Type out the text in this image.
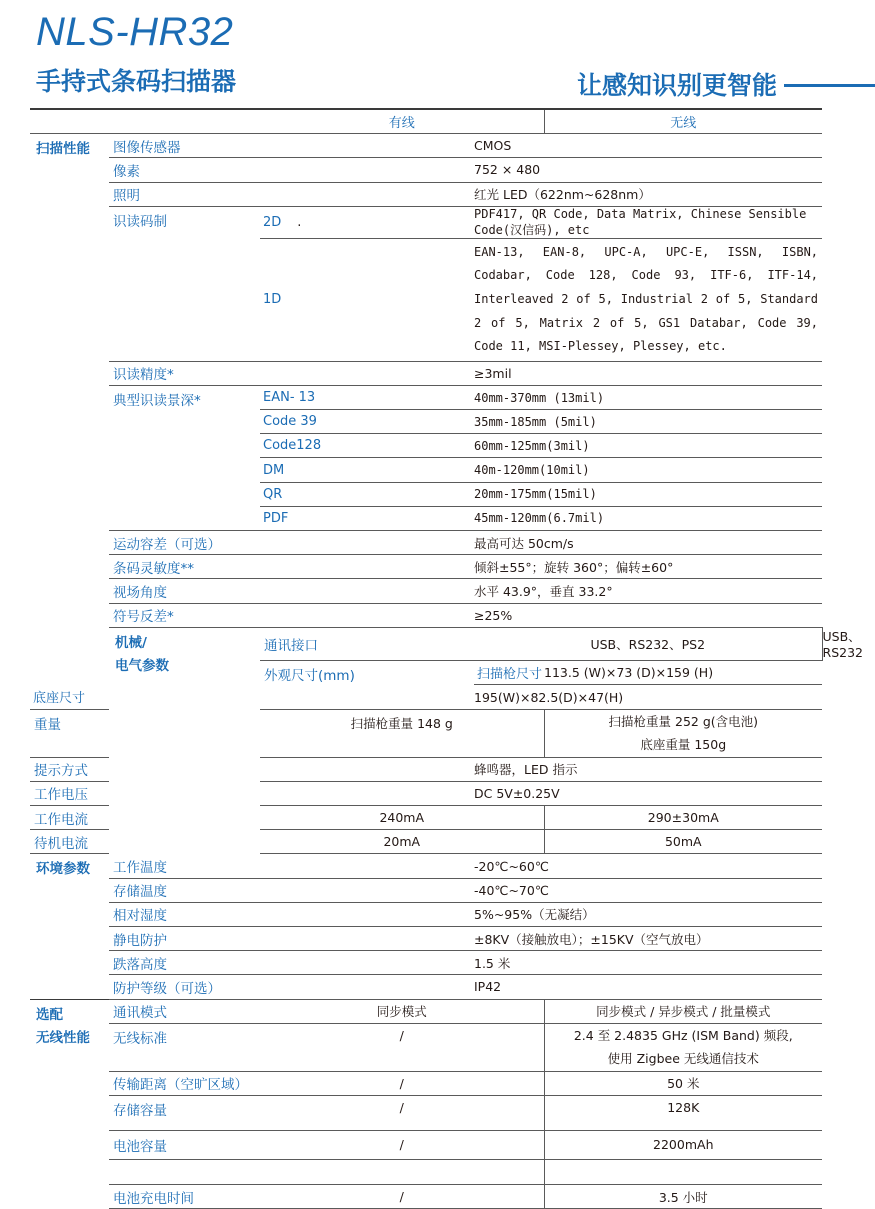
NLS-HR32
手持式条码扫描器	让感知识别更智能
		有线		无线	
扫描性能	图像传感器		CMOS		
	像素		752 × 480		
	照明		红光 LED（622nm~628nm）		
	识读码制	2D .	PDF417, QR Code, Data Matrix, Chinese Sensible Code(汉信码), etc		
		1D	EAN-13, EAN-8, UPC-A, UPC-E, ISSN, ISBN, Codabar, Code 128, Code 93, ITF-6, ITF-14, Interleaved 2 of 5, Industrial 2 of 5, Standard 2 of 5, Matrix 2 of 5, GS1 Databar, Code 39, Code 11, MSI-Plessey, Plessey, etc.		

	识读精度*		≥3mil		
	典型识读景深*	EAN- 13	40mm-370mm (13mil)		
		Code 39	35mm-185mm (5mil)		
		Code128	60mm-125mm(3mil)		
		DM	40m-120mm(10mil)		
		QR	20mm-175mm(15mil)		
		PDF	45mm-120mm(6.7mil)		
	运动容差（可选）		最高可达 50cm/s		
	条码灵敏度**		倾斜±55°；旋转 360°；偏转±60°		
	视场角度		水平 43.9°，垂直 33.2°		
	符号反差*		≥25%		
	机械/
电气参数	通讯接口	USB、RS232、PS2		USB、RS232
		外观尺寸(mm)	扫描枪尺寸	113.5 (W)×73 (D)×159 (H)	
底座尺寸			195(W)×82.5(D)×47(H)		
重量		扫描枪重量 148 g		扫描枪重量 252 g(含电池)
底座重量 150g	
提示方式			蜂鸣器，LED 指示		
工作电压			DC 5V±0.25V		
工作电流		240mA		290±30mA	
待机电流		20mA		50mA	
环境参数	工作温度		-20℃~60℃		
	存储温度		-40℃~70℃		
	相对湿度		5%~95%（无凝结）		
	静电防护		±8KV（接触放电）；±15KV（空气放电）		
	跌落高度		1.5 米		
	防护等级（可选）		IP42		
选配
无线性能	通讯模式	同步模式		同步模式 / 异步模式 / 批量模式	
	无线标准	/		2.4 至 2.4835 GHz (ISM Band) 频段,
使用 Zigbee 无线通信技术	
	传输距离（空旷区域）	/		50 米	
	存储容量	/		128K	
	电池容量	/		2200mAh	

	电池充电时间	/		3.5 小时	
